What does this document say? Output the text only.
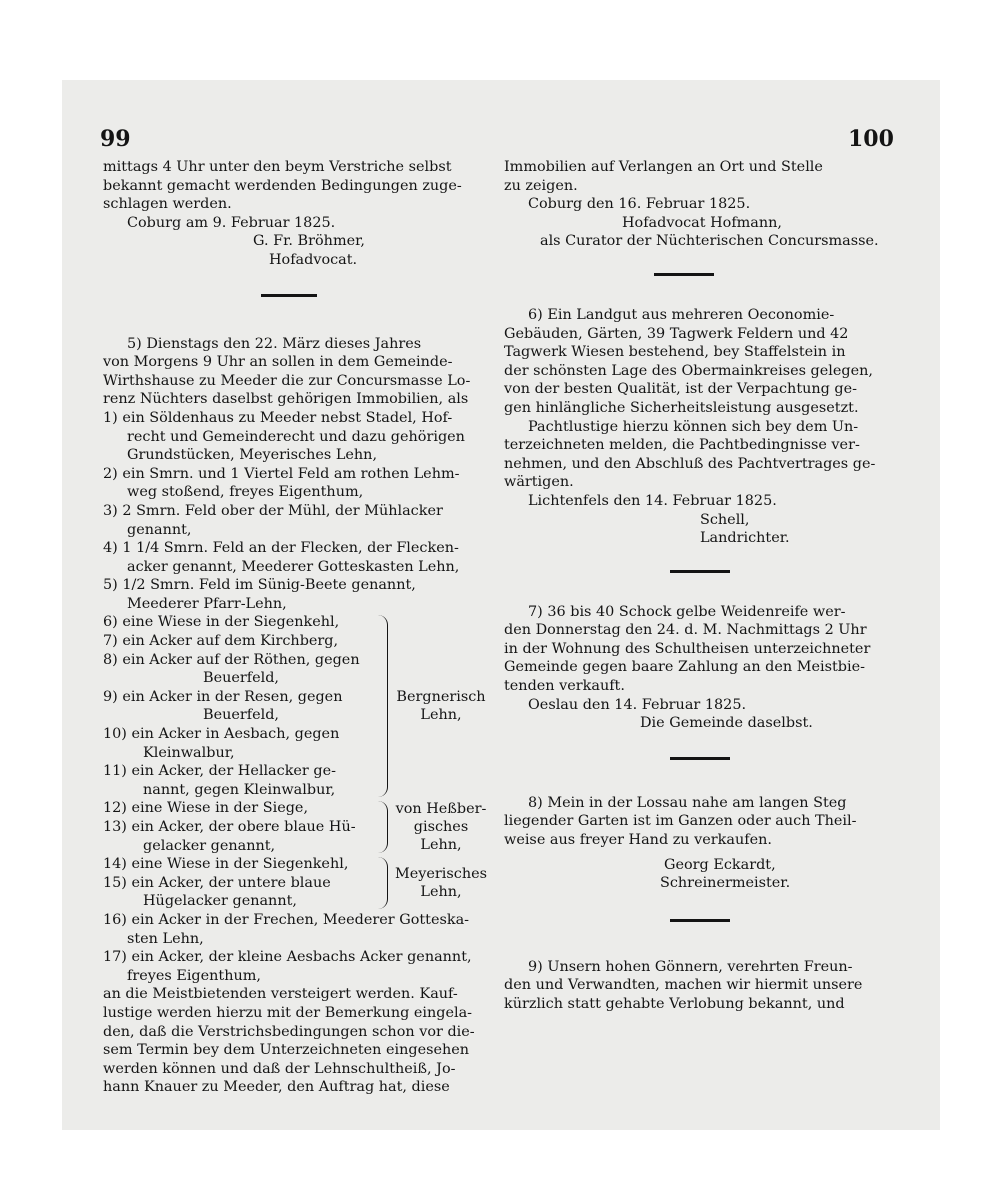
99	100

mittags 4 Uhr unter den beym Verstriche selbst

bekannt gemacht werdenden Bedingungen zuge-

schlagen werden.

Coburg am 9. Februar 1825.

G. Fr. Bröhmer,

Hofadvocat.

5) Dienstags den 22. März dieses Jahres

von Morgens 9 Uhr an sollen in dem Gemeinde-

Wirthshause zu Meeder die zur Concursmasse Lo-

renz Nüchters daselbst gehörigen Immobilien, als

1) ein Söldenhaus zu Meeder nebst Stadel, Hof-

recht und Gemeinderecht und dazu gehörigen

Grundstücken, Meyerisches Lehn,

2) ein Smrn. und 1 Viertel Feld am rothen Lehm-

weg stoßend, freyes Eigenthum,

3) 2 Smrn. Feld ober der Mühl, der Mühlacker

genannt,

4) 1 1/4 Smrn. Feld an der Flecken, der Flecken-

acker genannt, Meederer Gotteskasten Lehn,

5) 1/2 Smrn. Feld im Sünig-Beete genannt,

Meederer Pfarr-Lehn,

6) eine Wiese in der Siegenkehl,

7) ein Acker auf dem Kirchberg,

8) ein Acker auf der Röthen, gegen

Beuerfeld,

9) ein Acker in der Resen, gegen

Beuerfeld,

10) ein Acker in Aesbach, gegen

Kleinwalbur,

11) ein Acker, der Hellacker ge-

nannt, gegen Kleinwalbur,

Bergnerisch Lehn,

12) eine Wiese in der Siege,

13) ein Acker, der obere blaue Hü-

gelacker genannt,

von Heßber- gisches Lehn,

14) eine Wiese in der Siegenkehl,

15) ein Acker, der untere blaue

Hügelacker genannt,

Meyerisches Lehn,

16) ein Acker in der Frechen, Meederer Gotteska-

sten Lehn,

17) ein Acker, der kleine Aesbachs Acker genannt,

freyes Eigenthum,

an die Meistbietenden versteigert werden. Kauf-

lustige werden hierzu mit der Bemerkung eingela-

den, daß die Verstrichsbedingungen schon vor die-

sem Termin bey dem Unterzeichneten eingesehen

werden können und daß der Lehnschultheiß, Jo-

hann Knauer zu Meeder, den Auftrag hat, diese

Immobilien auf Verlangen an Ort und Stelle

zu zeigen.

Coburg den 16. Februar 1825.

Hofadvocat Hofmann,

als Curator der Nüchterischen Concursmasse.

6) Ein Landgut aus mehreren Oeconomie-

Gebäuden, Gärten, 39 Tagwerk Feldern und 42

Tagwerk Wiesen bestehend, bey Staffelstein in

der schönsten Lage des Obermainkreises gelegen,

von der besten Qualität, ist der Verpachtung ge-

gen hinlängliche Sicherheitsleistung ausgesetzt.

Pachtlustige hierzu können sich bey dem Un-

terzeichneten melden, die Pachtbedingnisse ver-

nehmen, und den Abschluß des Pachtvertrages ge-

wärtigen.

Lichtenfels den 14. Februar 1825.

Schell,

Landrichter.

7) 36 bis 40 Schock gelbe Weidenreife wer-

den Donnerstag den 24. d. M. Nachmittags 2 Uhr

in der Wohnung des Schultheisen unterzeichneter

Gemeinde gegen baare Zahlung an den Meistbie-

tenden verkauft.

Oeslau den 14. Februar 1825.

Die Gemeinde daselbst.

8) Mein in der Lossau nahe am langen Steg

liegender Garten ist im Ganzen oder auch Theil-

weise aus freyer Hand zu verkaufen.

Georg Eckardt,

Schreinermeister.

9) Unsern hohen Gönnern, verehrten Freun-

den und Verwandten, machen wir hiermit unsere

kürzlich statt gehabte Verlobung bekannt, und
